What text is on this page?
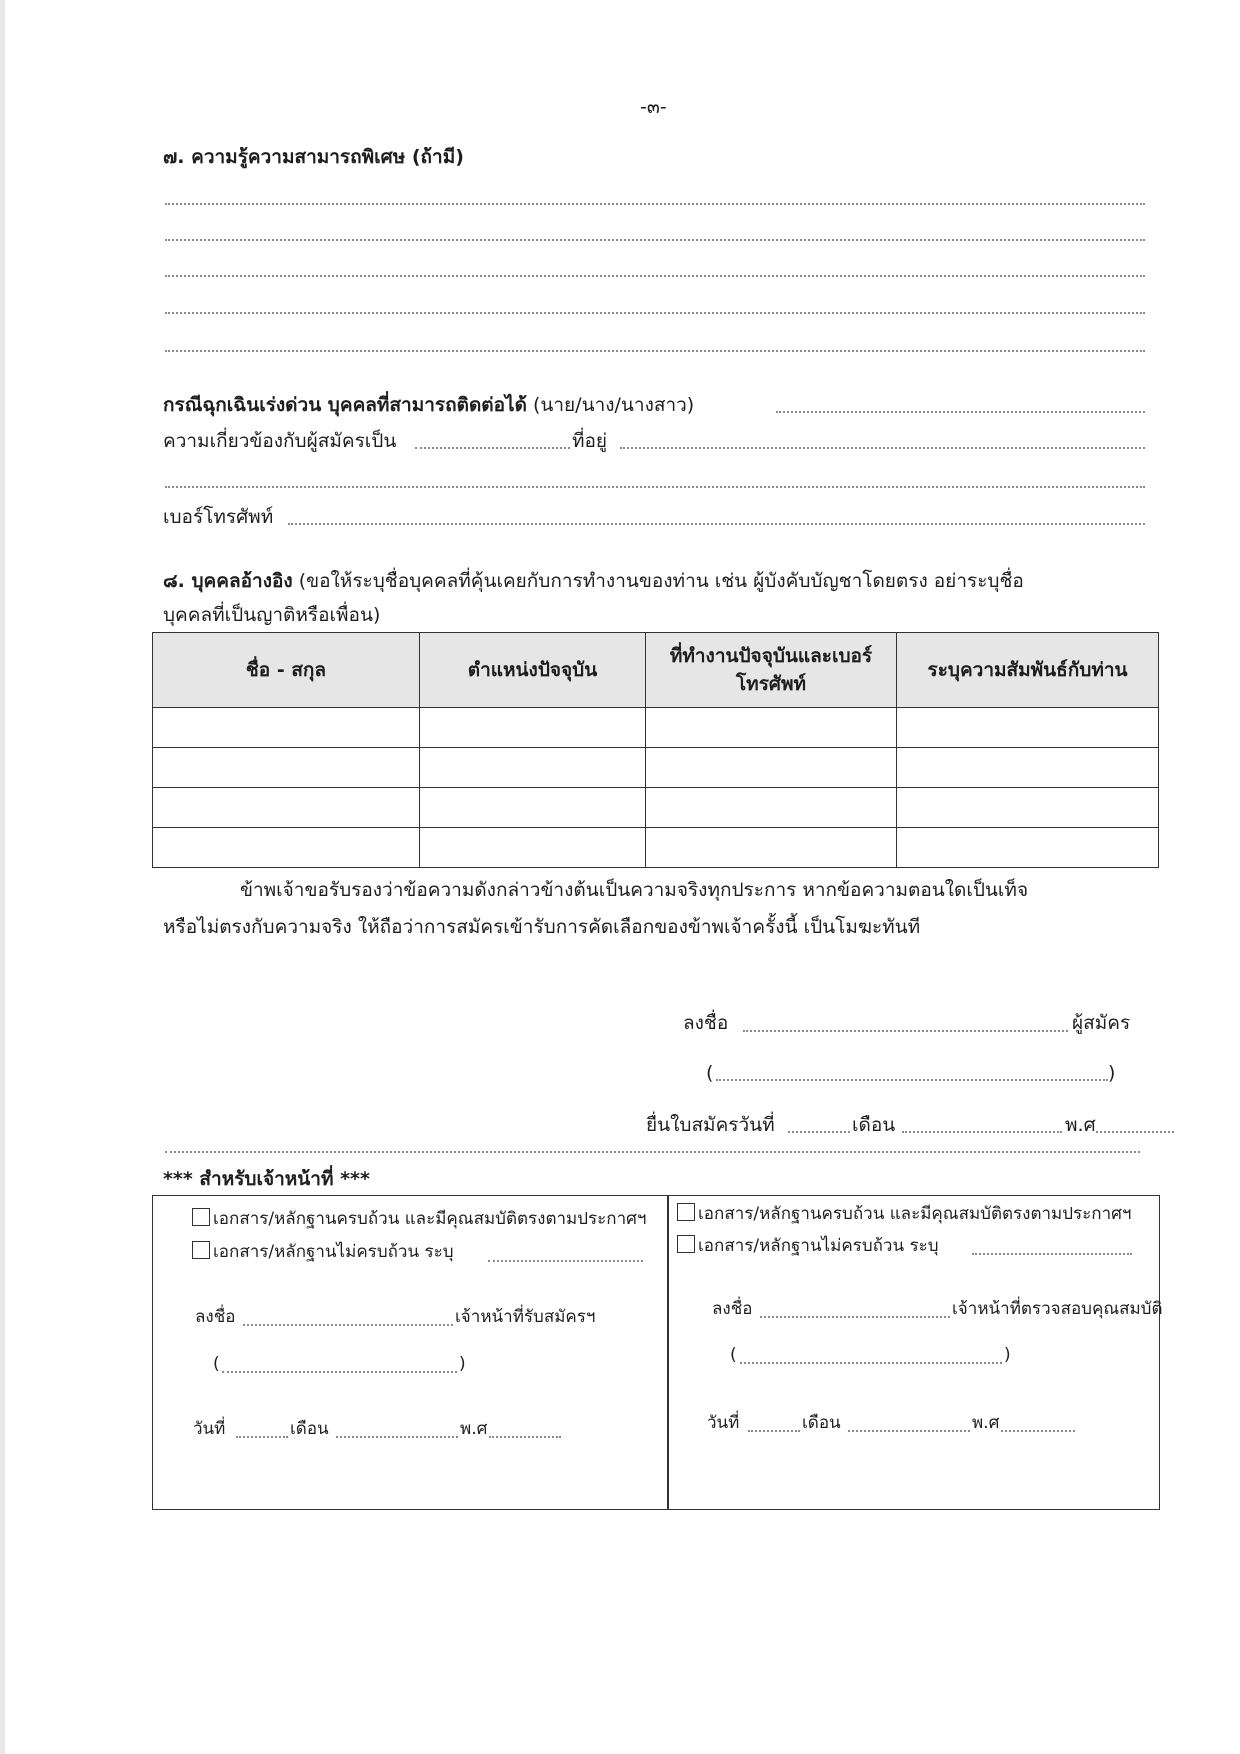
-๓-
๗. ความรู้ความสามารถพิเศษ (ถ้ามี)
กรณีฉุกเฉินเร่งด่วน บุคคลที่สามารถติดต่อได้ (นาย/นาง/นางสาว)
ความเกี่ยวข้องกับผู้สมัครเป็น	ที่อยู่
เบอร์โทรศัพท์
๘. บุคคลอ้างอิง (ขอให้ระบุชื่อบุคคลที่คุ้นเคยกับการทำงานของท่าน เช่น ผู้บังคับบัญชาโดยตรง อย่าระบุชื่อ
บุคคลที่เป็นญาติหรือเพื่อน)
ชื่อ - สกุล	ตำแหน่งปัจจุบัน	ที่ทำงานปัจจุบันและเบอร์โทรศัพท์	ระบุความสัมพันธ์กับท่าน

ข้าพเจ้าขอรับรองว่าข้อความดังกล่าวข้างต้นเป็นความจริงทุกประการ หากข้อความตอนใดเป็นเท็จ
หรือไม่ตรงกับความจริง ให้ถือว่าการสมัครเข้ารับการคัดเลือกของข้าพเจ้าครั้งนี้ เป็นโมฆะทันที
ลงชื่อ	ผู้สมัคร
(	)
ยื่นใบสมัครวันที่	เดือน	พ.ศ
*** สำหรับเจ้าหน้าที่ ***
เอกสาร/หลักฐานครบถ้วน และมีคุณสมบัติตรงตามประกาศฯ
เอกสาร/หลักฐานไม่ครบถ้วน ระบุ
ลงชื่อ	เจ้าหน้าที่รับสมัครฯ
(	)
วันที่	เดือน	พ.ศ
เอกสาร/หลักฐานครบถ้วน และมีคุณสมบัติตรงตามประกาศฯ
เอกสาร/หลักฐานไม่ครบถ้วน ระบุ
ลงชื่อ	เจ้าหน้าที่ตรวจสอบคุณสมบัติ
(	)
วันที่	เดือน	พ.ศ
